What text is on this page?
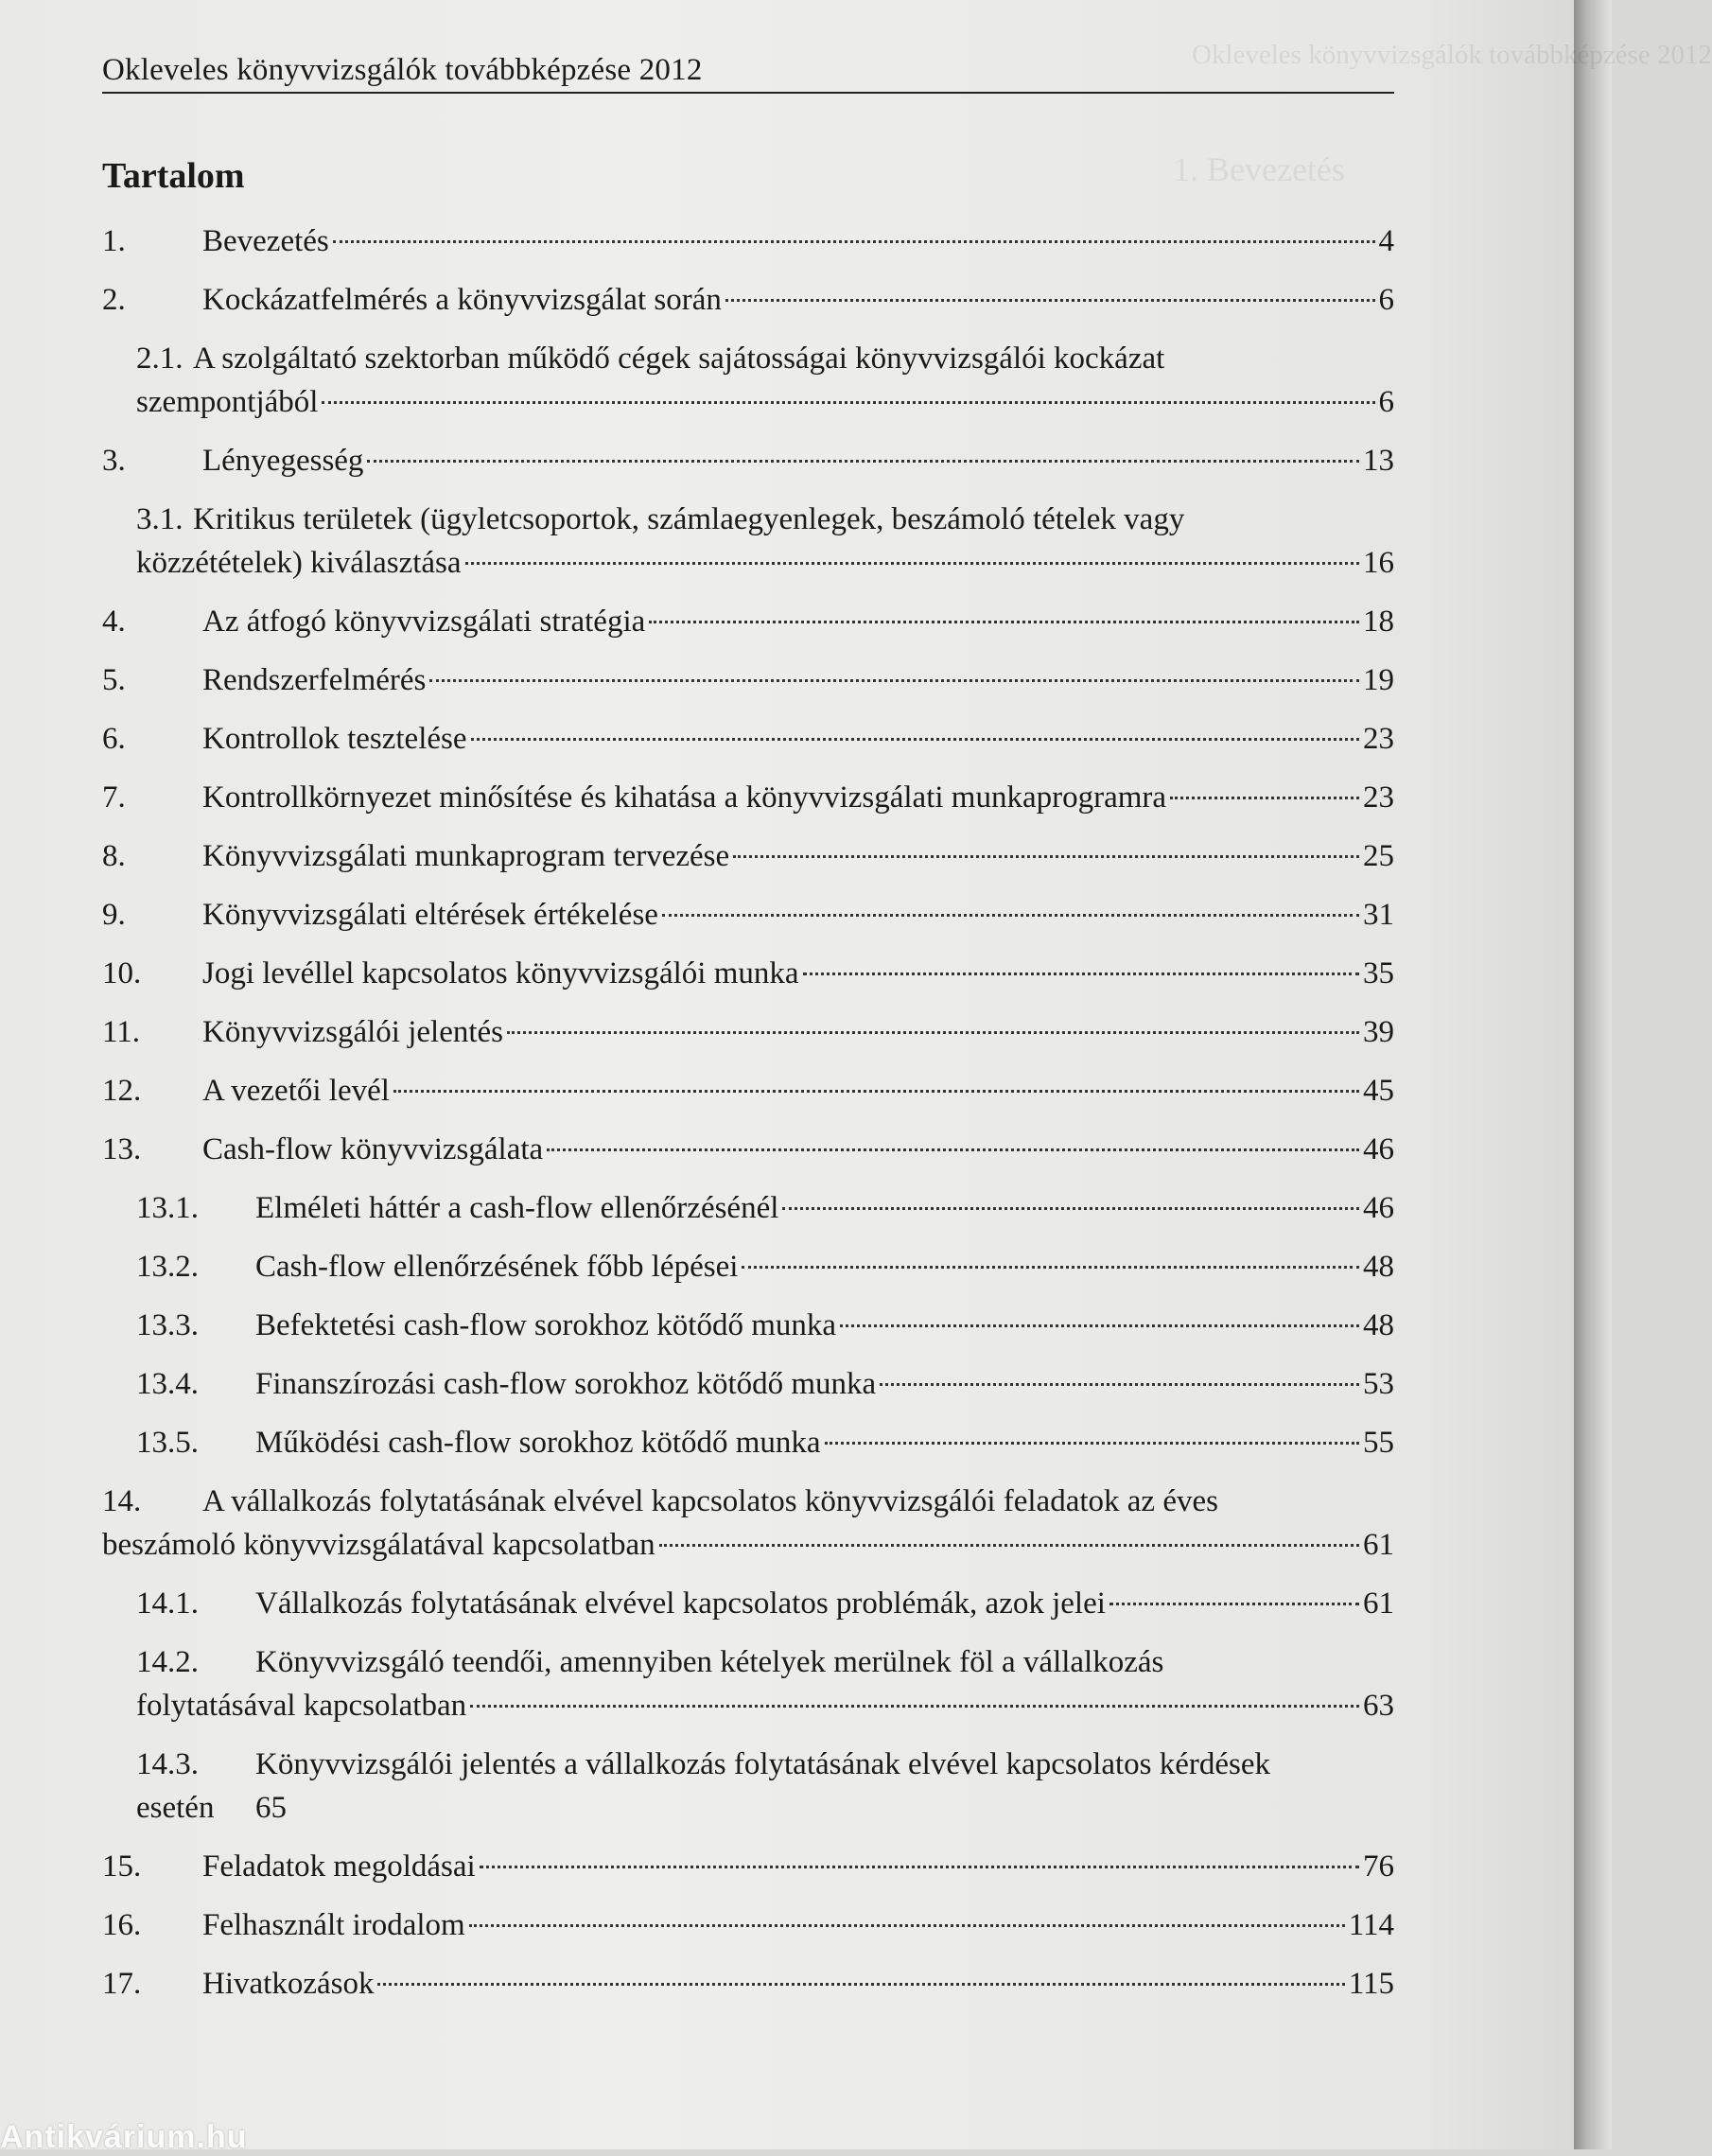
Okleveles könyvvizsgálók továbbképzése 2012
1. Bevezetés
Okleveles könyvvizsgálók továbbképzése 2012
Tartalom
1.	Bevezetés	4
2.	Kockázatfelmérés a könyvvizsgálat során	6
2.1. A szolgáltató szektorban működő cégek sajátosságai könyvvizsgálói kockázat
szempontjából	6
3.	Lényegesség	13
3.1. Kritikus területek (ügyletcsoportok, számlaegyenlegek, beszámoló tételek vagy
közzétételek) kiválasztása	16
4.	Az átfogó könyvvizsgálati stratégia	18
5.	Rendszerfelmérés	19
6.	Kontrollok tesztelése	23
7.	Kontrollkörnyezet minősítése és kihatása a könyvvizsgálati munkaprogramra	23
8.	Könyvvizsgálati munkaprogram tervezése	25
9.	Könyvvizsgálati eltérések értékelése	31
10.	Jogi levéllel kapcsolatos könyvvizsgálói munka	35
11.	Könyvvizsgálói jelentés	39
12.	A vezetői levél	45
13.	Cash-flow könyvvizsgálata	46
13.1.	Elméleti háttér a cash-flow ellenőrzésénél	46
13.2.	Cash-flow ellenőrzésének főbb lépései	48
13.3.	Befektetési cash-flow sorokhoz kötődő munka	48
13.4.	Finanszírozási cash-flow sorokhoz kötődő munka	53
13.5.	Működési cash-flow sorokhoz kötődő munka	55
14.	A vállalkozás folytatásának elvével kapcsolatos könyvvizsgálói feladatok az éves
beszámoló könyvvizsgálatával kapcsolatban	61
14.1.	Vállalkozás folytatásának elvével kapcsolatos problémák, azok jelei	61
14.2.	Könyvvizsgáló teendői, amennyiben kételyek merülnek föl a vállalkozás
folytatásával kapcsolatban	63
14.3.	Könyvvizsgálói jelentés a vállalkozás folytatásának elvével kapcsolatos kérdések
esetén	65
15.	Feladatok megoldásai	76
16.	Felhasznált irodalom	114
17.	Hivatkozások	115
Antikvárium.hu
